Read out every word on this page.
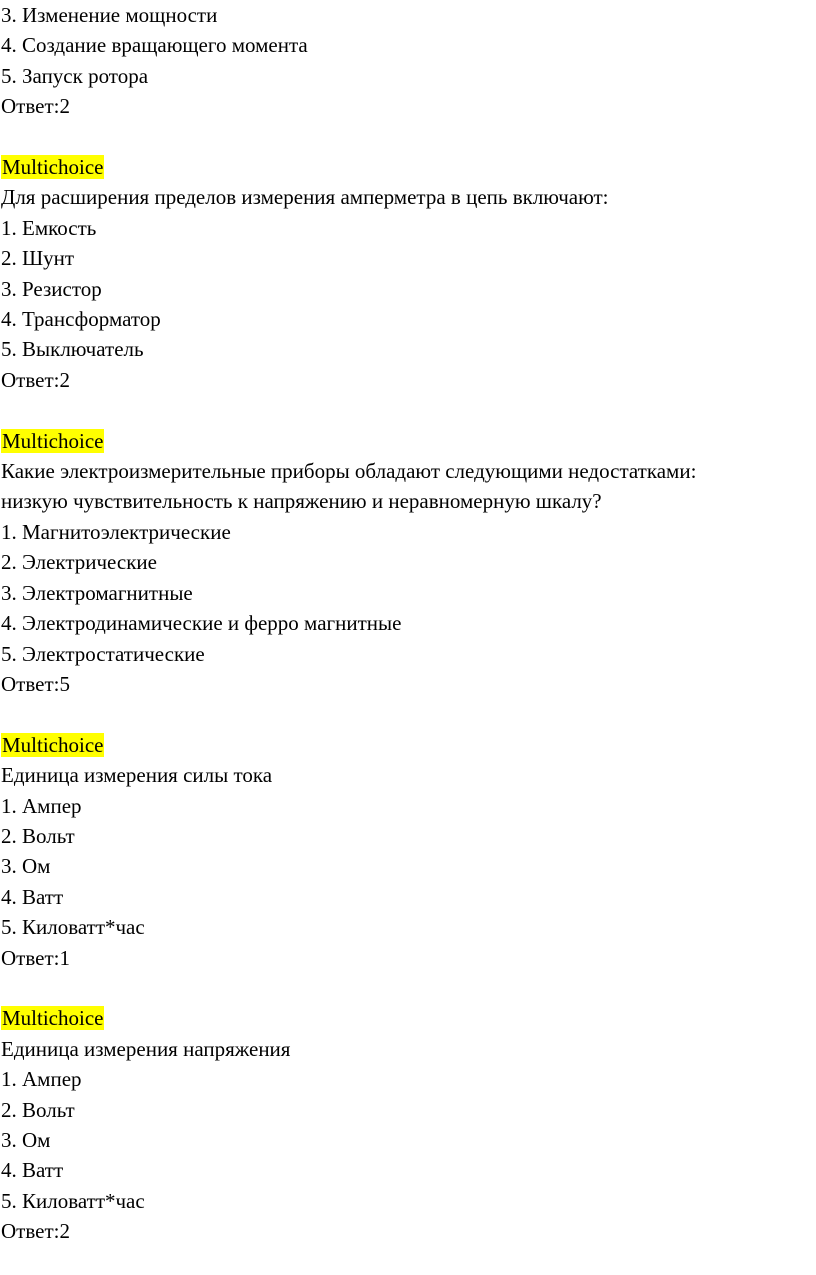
3. Изменение мощности
4. Создание вращающего момента
5. Запуск ротора
Ответ:2
Multichoice
Для расширения пределов измерения амперметра в цепь включают:
1. Емкость
2. Шунт
3. Резистор
4. Трансформатор
5. Выключатель
Ответ:2
Multichoice
Какие электроизмерительные приборы обладают следующими недостатками:
низкую чувствительность к напряжению и неравномерную шкалу?
1. Магнитоэлектрические
2. Электрические
3. Электромагнитные
4. Электродинамические и ферро магнитные
5. Электростатические
Ответ:5
Multichoice
Единица измерения силы тока
1. Ампер
2. Вольт
3. Ом
4. Ватт
5. Киловатт*час
Ответ:1
Multichoice
Единица измерения напряжения
1. Ампер
2. Вольт
3. Ом
4. Ватт
5. Киловатт*час
Ответ:2
